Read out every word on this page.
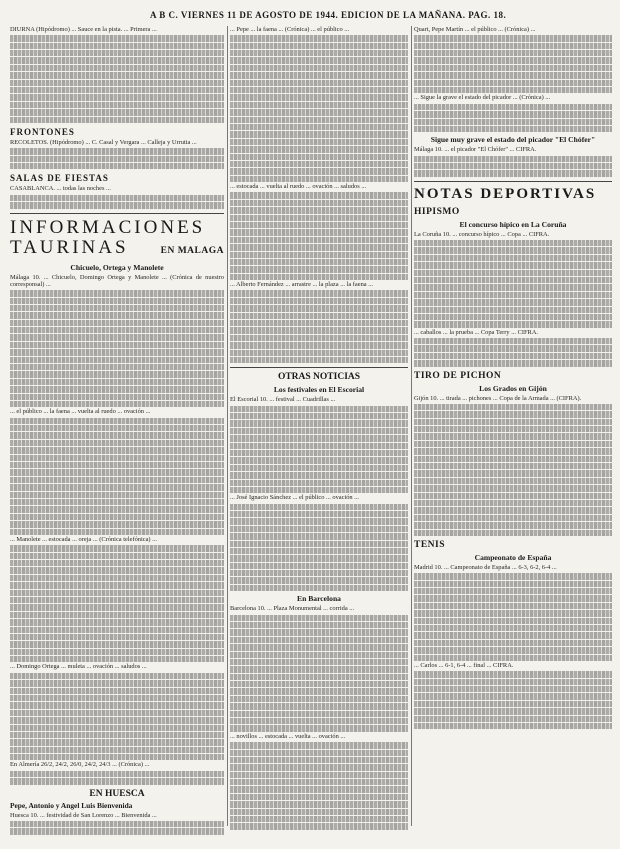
A B C. VIERNES 11 DE AGOSTO DE 1944. EDICION DE LA MAÑANA. PAG. 18.

DIURNA (Hipódromo) ... Sauce en la pista. ... Primera ...

FRONTONES

RECOLETOS. (Hipódromo) ... C. Casal y Vergara ... Calleja y Urrutia ...

SALAS DE FIESTAS

CASABLANCA. ... todas las noches ...

INFORMACIONES
TAURINAS	EN MALAGA
Chicuelo, Ortega y Manolete

Málaga 10. ... Chicuelo, Domingo Ortega y Manolete ... (Crónica de nuestro corresponsal) ...

... el público ... la faena ... vuelta al ruedo ... ovación ...

... Manolete ... estocada ... oreja ... (Crónica telefónica) ...

... Domingo Ortega ... muleta ... ovación ... saludos ...

En Almería 26/2, 24/2, 26/0, 24/2, 24/3 ... (Crónica) ...

EN HUESCA
Pepe, Antonio y Angel Luis Bienvenida

Huesca 10. ... festividad de San Lorenzo ... Bienvenida ...

... Pepe ... la faena ... (Crónica) ... el público ...

... estocada ... vuelta al ruedo ... ovación ... saludos ...

... Alberto Fernández ... arrastre ... la plaza ... la faena ...

OTRAS NOTICIAS
Los festivales en El Escorial

El Escorial 10. ... festival ... Cuadrillas ...

... José Ignacio Sánchez ... el público ... ovación ...

En Barcelona

Barcelona 10. ... Plaza Monumental ... corrida ...

... novillos ... estocada ... vuelta ... ovación ...

Quart, Pepe Martín ... el público ... (Crónica) ...

... Sigue la grave el estado del picador ... (Crónica) ...

Sigue muy grave el estado del picador "El Chófer"

Málaga 10. ... el picador "El Chófer" ... CIFRA.

NOTAS DEPORTIVAS
HIPISMO
El concurso hípico en La Coruña

La Coruña 10. ... concurso hípico ... Copa ... CIFRA.

... caballos ... la prueba ... Copa Terry ... CIFRA.

TIRO DE PICHON
Los Grados en Gijón

Gijón 10. ... tirada ... pichones ... Copa de la Armada ... (CIFRA).

TENIS
Campeonato de España

Madrid 10. ... Campeonato de España ... 6-3, 6-2, 6-4 ...

... Carlos ... 6-1, 6-4 ... final ... CIFRA.
